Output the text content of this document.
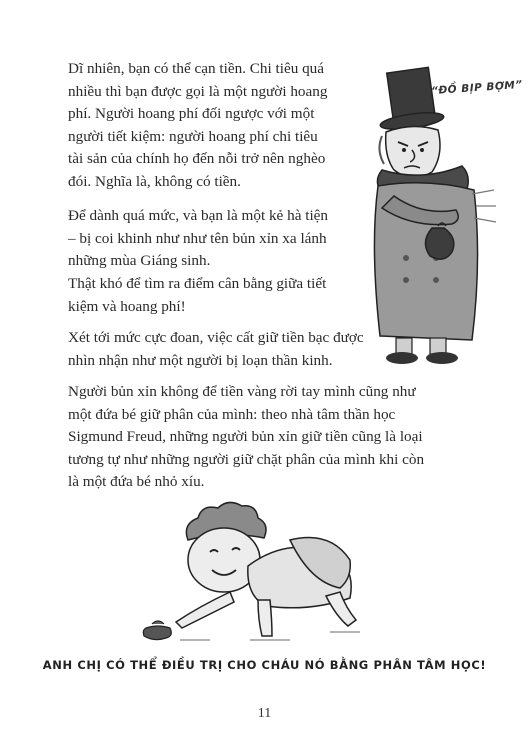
Dĩ nhiên, bạn có thể cạn tiền. Chi tiêu quá
nhiều thì bạn được gọi là một người hoang
phí. Người hoang phí đối ngược với một
người tiết kiệm: người hoang phí chi tiêu
tài sản của chính họ đến nỗi trở nên nghèo
đói. Nghĩa là, không có tiền.

Để dành quá mức, và bạn là một kẻ hà tiện
– bị coi khinh như như tên bủn xỉn xa lánh
những mùa Giáng sinh.

Thật khó để tìm ra điểm cân bằng giữa tiết
kiệm và hoang phí!

Xét tới mức cực đoan, việc cất giữ tiền bạc được
nhìn nhận như một người bị loạn thần kinh.

Người bủn xỉn không để tiền vàng rời tay mình cũng như
một đứa bé giữ phân của mình: theo nhà tâm thần học
Sigmund Freud, những người bủn xỉn giữ tiền cũng là loại
tương tự như những người giữ chặt phân của mình khi còn
là một đứa bé nhỏ xíu.

“ĐỒ BỊP BỢM”
ANH CHỊ CÓ THỂ ĐIỀU TRỊ CHO CHÁU NÓ BẰNG PHÂN TÂM HỌC!
11
